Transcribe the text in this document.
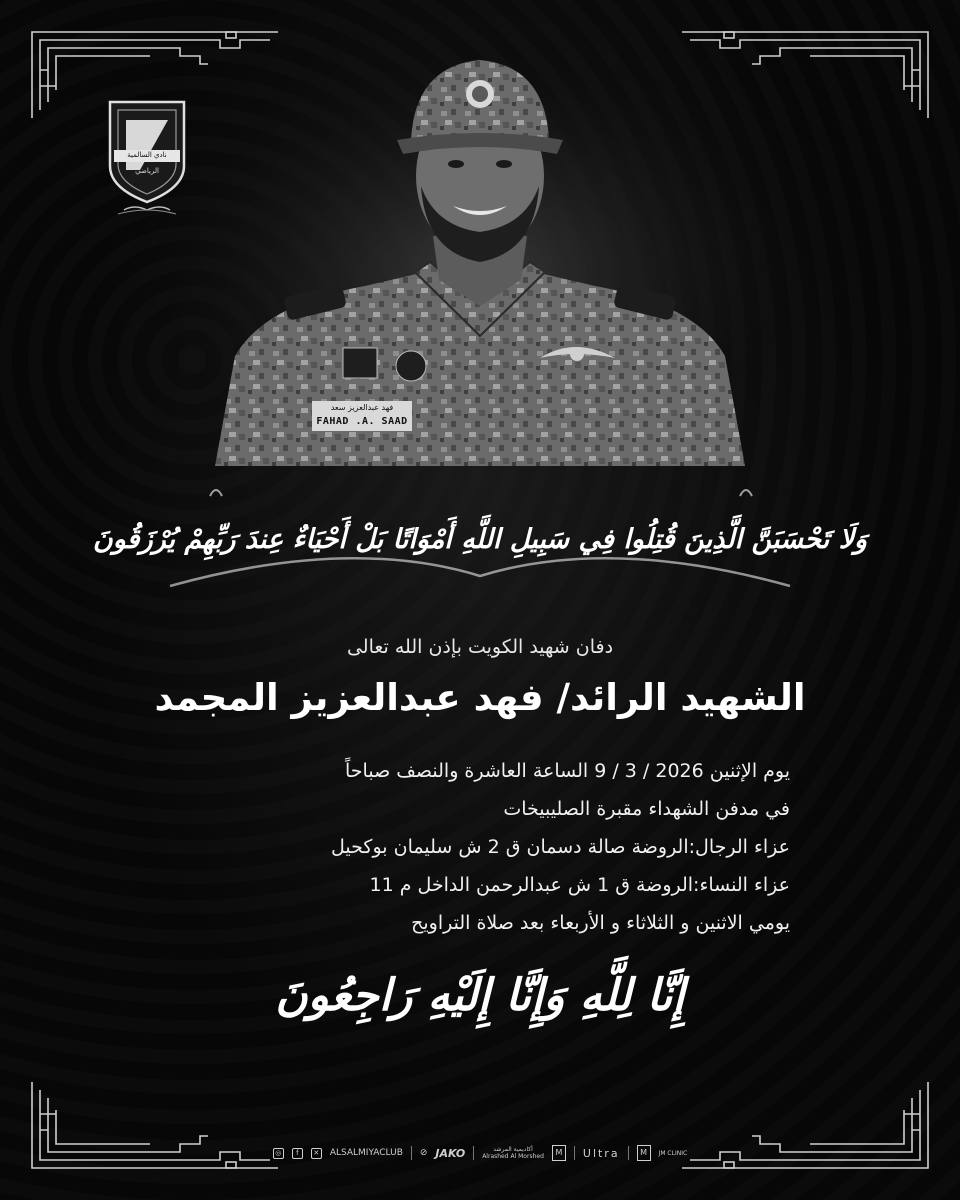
نادي السالمية
الرياضي
فهد عبدالعزيز سعد
FAHAD .A. SAAD
وَلَا تَحْسَبَنَّ الَّذِينَ قُتِلُوا فِي سَبِيلِ اللَّهِ أَمْوَاتًا بَلْ أَحْيَاءٌ عِندَ رَبِّهِمْ يُرْزَقُونَ
دفان شهيد الكويت بإذن الله تعالى
الشهيد الرائد/ فهد عبدالعزيز المجمد
يوم الإثنين 2026 / 3 / 9 الساعة العاشرة والنصف صباحاً
في مدفن الشهداء مقبرة الصليبيخات
عزاء الرجال:الروضة صالة دسمان ق 2 ش سليمان بوكحيل
عزاء النساء:الروضة ق 1 ش عبدالرحمن الداخل م 11
يومي الاثنين و الثلاثاء و الأربعاء بعد صلاة التراويح
إِنَّا لِلَّهِ وَإِنَّا إِلَيْهِ رَاجِعُونَ
◎	f	✕ ALSALMIYACLUB ⊘ JAKO	أكاديمية المرشد
Alrashed Al Morshed	M	Ultra	M	JM CLINIC
